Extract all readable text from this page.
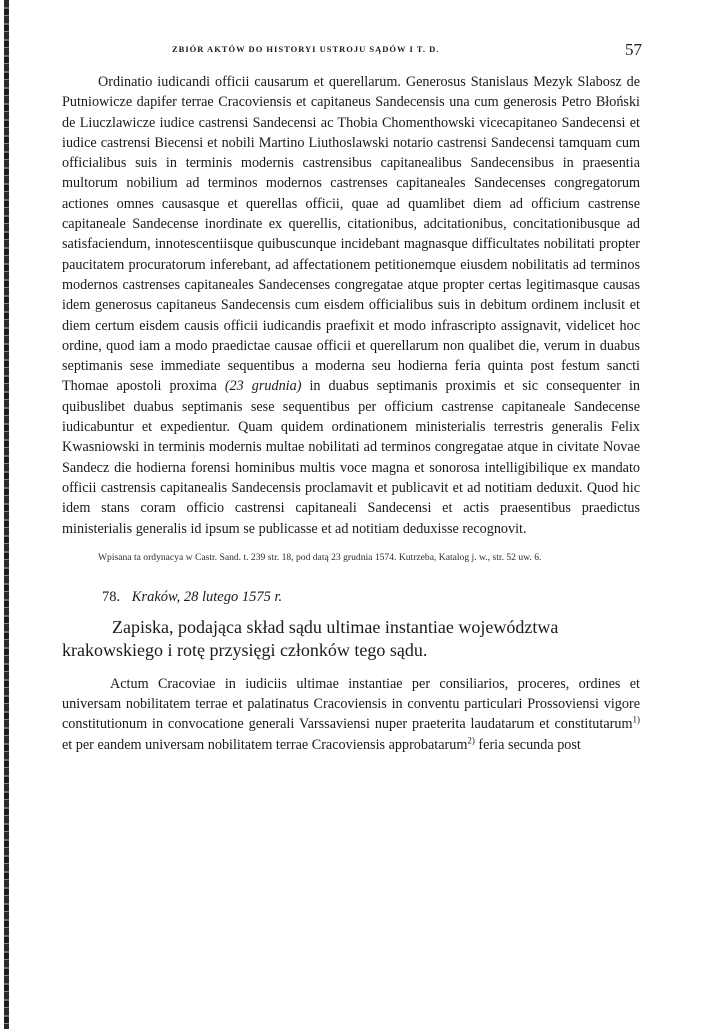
ZBIÓR AKTÓW DO HISTORYI USTROJU SĄDÓW I T. D.	57

Ordinatio iudicandi officii causarum et querellarum. Generosus Stanislaus Mezyk Slabosz de Putniowicze dapifer terrae Cracoviensis et capitaneus Sandecensis una cum generosis Petro Błoński de Liuczlawicze iudice castrensi Sandecensi ac Thobia Chomenthowski vicecapitaneo Sandecensi et iudice castrensi Biecensi et nobili Martino Liuthoslawski notario castrensi Sandecensi tamquam cum officialibus suis in terminis modernis castrensibus capitanealibus Sandecensibus in praesentia multorum nobilium ad terminos modernos castrenses capitaneales Sandecenses congregatorum actiones omnes causasque et querellas officii, quae ad quamlibet diem ad officium castrense capitaneale Sandecense inordinate ex querellis, citationibus, adcitationibus, concitationibusque ad satisfaciendum, innotescentiisque quibuscunque incidebant magnasque difficultates nobilitati propter paucitatem procuratorum inferebant, ad affectationem petitionemque eiusdem nobilitatis ad terminos modernos castrenses capitaneales Sandecenses congregatae atque propter certas legitimasque causas idem generosus capitaneus Sandecensis cum eisdem officialibus suis in debitum ordinem inclusit et diem certum eisdem causis officii iudicandis praefixit et modo infrascripto assignavit, videlicet hoc ordine, quod iam a modo praedictae causae officii et querellarum non qualibet die, verum in duabus septimanis sese immediate sequentibus a moderna seu hodierna feria quinta post festum sancti Thomae apostoli proxima (23 grudnia) in duabus septimanis proximis et sic consequenter in quibuslibet duabus septimanis sese sequentibus per officium castrense capitaneale Sandecense iudicabuntur et expedientur. Quam quidem ordinationem ministerialis terrestris generalis Felix Kwasniowski in terminis modernis multae nobilitati ad terminos congregatae atque in civitate Novae Sandecz die hodierna forensi hominibus multis voce magna et sonorosa intelligibilique ex mandato officii castrensis capitanealis Sandecensis proclamavit et publicavit et ad notitiam deduxit. Quod hic idem stans coram officio castrensi capitaneali Sandecensi et actis praesentibus praedictus ministerialis generalis id ipsum se publicasse et ad notitiam deduxisse recognovit.

Wpisana ta ordynacya w Castr. Sand. t. 239 str. 18, pod datą 23 grudnia 1574. Kutrzeba, Katalog j. w., str. 52 uw. 6.

78. Kraków, 28 lutego 1575 r.

Zapiska, podająca skład sądu ultimae instantiae województwa
krakowskiego i rotę przysięgi członków tego sądu.

Actum Cracoviae in iudiciis ultimae instantiae per consiliarios, proceres, ordines et universam nobilitatem terrae et palatinatus Cracoviensis in conventu particulari Prossoviensi vigore constitutionum in convocatione generali Varssaviensi nuper praeterita laudatarum et constitutarum$^{1)}$ et per eandem universam nobilitatem terrae Cracoviensis approbatarum$^{2)}$ feria secunda post
